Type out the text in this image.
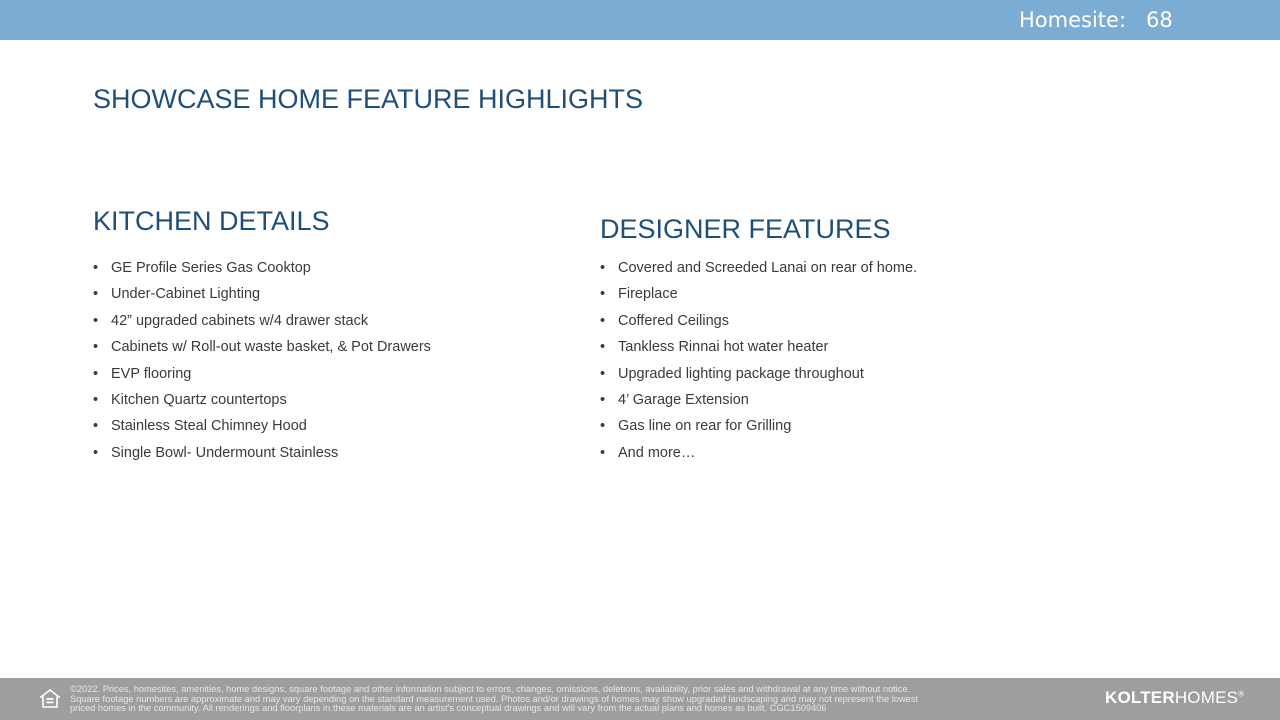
Homesite: 68
SHOWCASE HOME FEATURE HIGHLIGHTS
KITCHEN DETAILS
• GE Profile Series Gas Cooktop
• Under-Cabinet Lighting
• 42” upgraded cabinets w/4 drawer stack
• Cabinets w/ Roll-out waste basket, & Pot Drawers
• EVP flooring
• Kitchen Quartz countertops
• Stainless Steal Chimney Hood
• Single Bowl- Undermount Stainless
DESIGNER FEATURES
• Covered and Screeded Lanai on rear of home.
• Fireplace
• Coffered Ceilings
• Tankless Rinnai hot water heater
• Upgraded lighting package throughout
• 4’ Garage Extension
• Gas line on rear for Grilling
• And more…
©2022. Prices, homesites, amenities, home designs, square footage and other information subject to errors, changes, omissions, deletions, availability, prior sales and withdrawal at any time without notice.
Square footage numbers are approximate and may vary depending on the standard measurement used. Photos and/or drawings of homes may show upgraded landscaping and may not represent the lowest
priced homes in the community. All renderings and floorplans in these materials are an artist's conceptual drawings and will vary from the actual plans and homes as built. CGC1509406
KOLTERHOMES®
